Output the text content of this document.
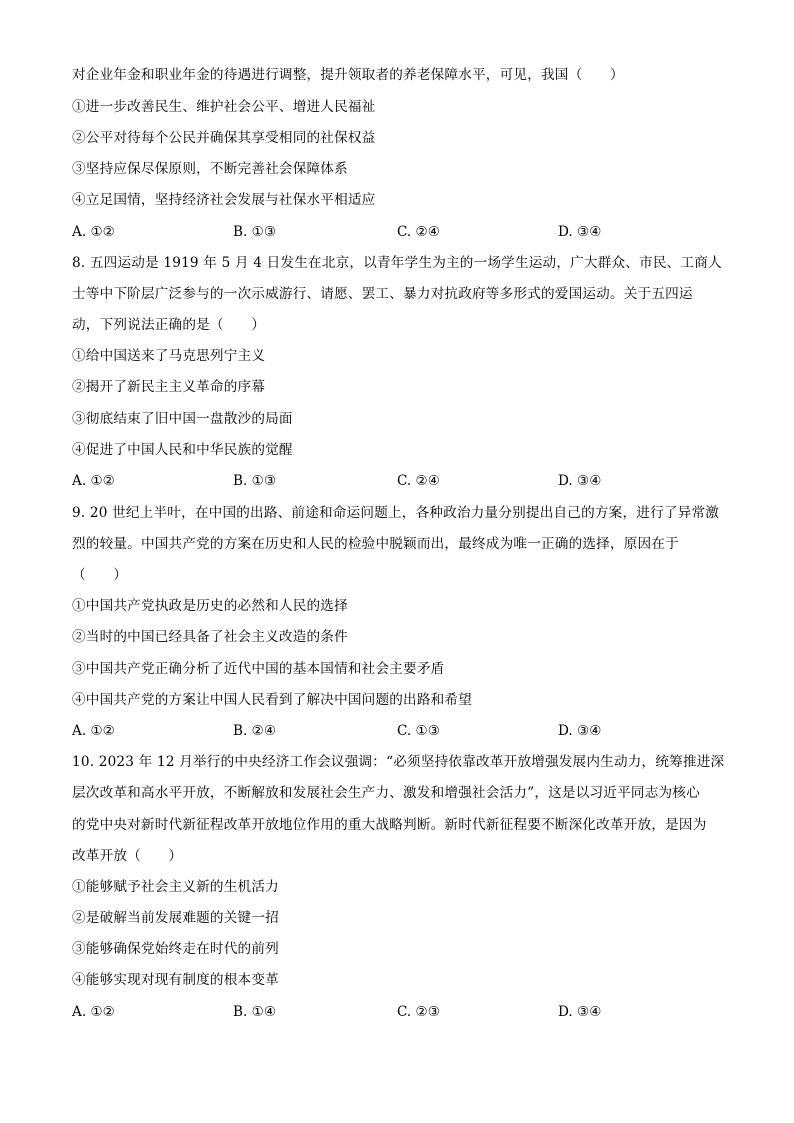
对企业年金和职业年金的待遇进行调整，提升领取者的养老保障水平，可见，我国（　　）
①进一步改善民生、维护社会公平、增进人民福祉
②公平对待每个公民并确保其享受相同的社保权益
③坚持应保尽保原则，不断完善社会保障体系
④立足国情，坚持经济社会发展与社保水平相适应
A. ①②	B. ①③	C. ②④	D. ③④
8. 五四运动是 1919 年 5 月 4 日发生在北京，以青年学生为主的一场学生运动，广大群众、市民、工商人
士等中下阶层广泛参与的一次示威游行、请愿、罢工、暴力对抗政府等多形式的爱国运动。关于五四运
动，下列说法正确的是（　　）
①给中国送来了马克思列宁主义
②揭开了新民主主义革命的序幕
③彻底结束了旧中国一盘散沙的局面
④促进了中国人民和中华民族的觉醒
A. ①②	B. ①③	C. ②④	D. ③④
9. 20 世纪上半叶，在中国的出路、前途和命运问题上，各种政治力量分别提出自己的方案，进行了异常激
烈的较量。中国共产党的方案在历史和人民的检验中脱颖而出，最终成为唯一正确的选择，原因在于
（　　）
①中国共产党执政是历史的必然和人民的选择
②当时的中国已经具备了社会主义改造的条件
③中国共产党正确分析了近代中国的基本国情和社会主要矛盾
④中国共产党的方案让中国人民看到了解决中国问题的出路和希望
A. ①②	B. ②④	C. ①③	D. ③④
10. 2023 年 12 月举行的中央经济工作会议强调：“必须坚持依靠改革开放增强发展内生动力，统筹推进深
层次改革和高水平开放，不断解放和发展社会生产力、激发和增强社会活力”，这是以习近平同志为核心
的党中央对新时代新征程改革开放地位作用的重大战略判断。新时代新征程要不断深化改革开放，是因为
改革开放（　　）
①能够赋予社会主义新的生机活力
②是破解当前发展难题的关键一招
③能够确保党始终走在时代的前列
④能够实现对现有制度的根本变革
A. ①②	B. ①④	C. ②③	D. ③④
